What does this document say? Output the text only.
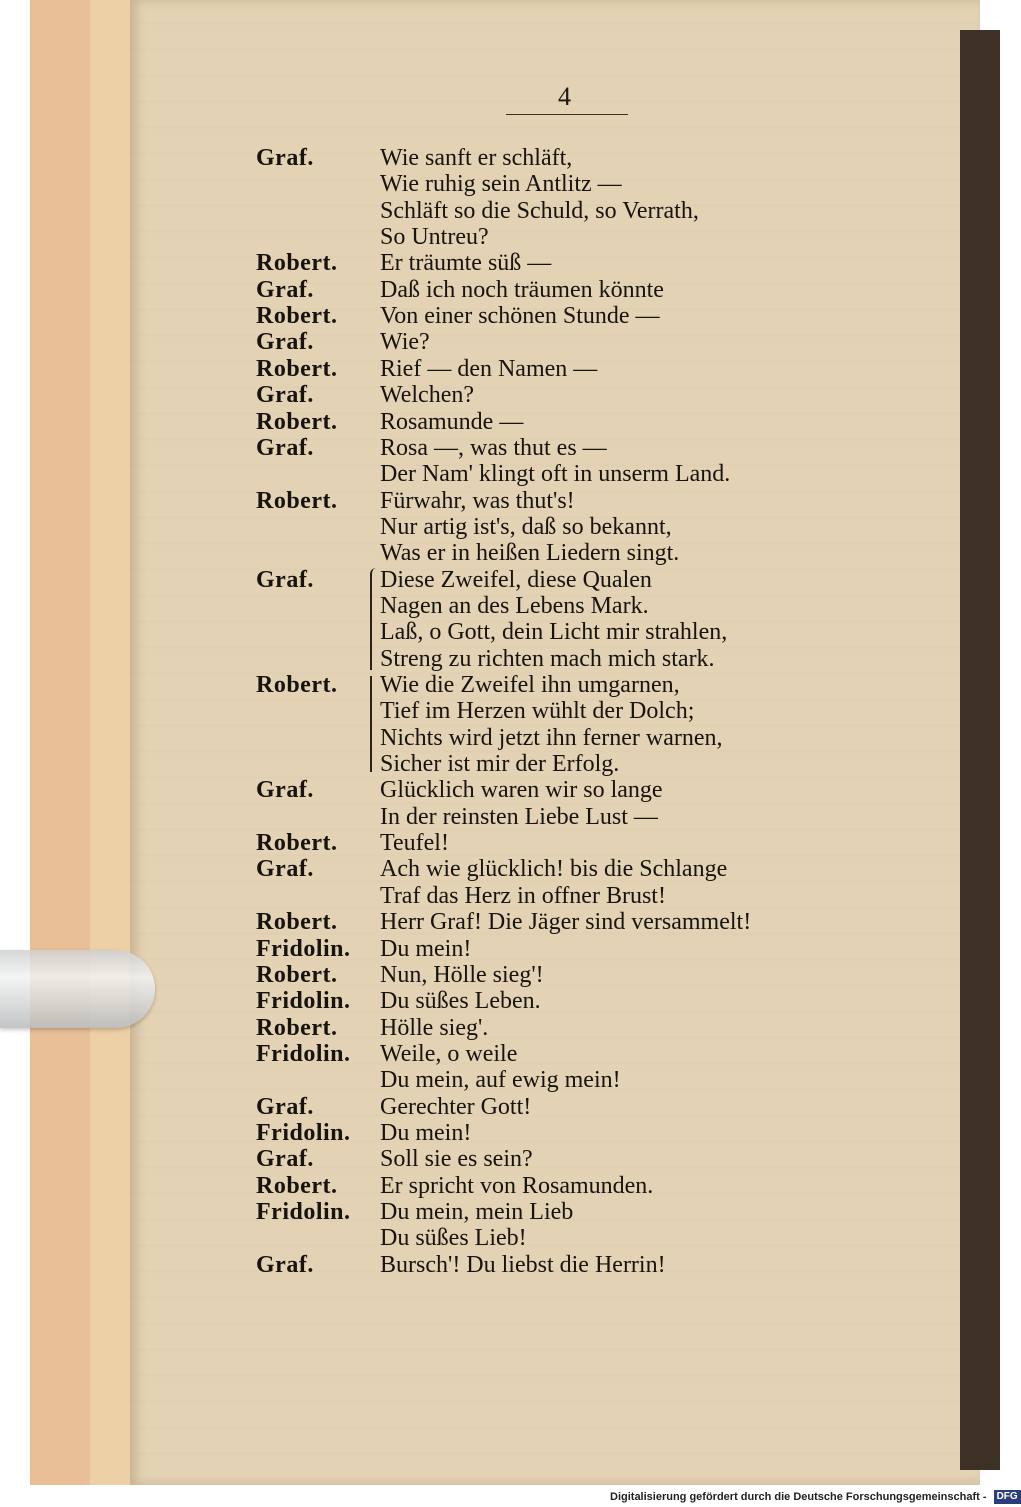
4
Graf.	Wie sanft er schläft,
Wie ruhig sein Antlitz —
Schläft so die Schuld, so Verrath,
So Untreu?
Robert. Er träumte süß —
Graf.	Daß ich noch träumen könnte
Robert. Von einer schönen Stunde —
Graf.	Wie?
Robert. Rief — den Namen —
Graf.	Welchen?
Robert. Rosamunde —
Graf.	Rosa —, was thut es —
Der Nam' klingt oft in unserm Land.
Robert. Fürwahr, was thut's!
Nur artig ist's, daß so bekannt,
Was er in heißen Liedern singt.
Graf.	Diese Zweifel, diese Qualen
Nagen an des Lebens Mark.
Laß, o Gott, dein Licht mir strahlen,
Streng zu richten mach mich stark.
Robert. Wie die Zweifel ihn umgarnen,
Tief im Herzen wühlt der Dolch;
Nichts wird jetzt ihn ferner warnen,
Sicher ist mir der Erfolg.
Graf.	Glücklich waren wir so lange
In der reinsten Liebe Lust —
Robert. Teufel!
Graf.	Ach wie glücklich! bis die Schlange
Traf das Herz in offner Brust!
Robert. Herr Graf! Die Jäger sind versammelt!
Fridolin. Du mein!
Robert. Nun, Hölle sieg'!
Fridolin. Du süßes Leben.
Robert. Hölle sieg'.
Fridolin. Weile, o weile
Du mein, auf ewig mein!
Graf.	Gerechter Gott!
Fridolin. Du mein!
Graf.	Soll sie es sein?
Robert. Er spricht von Rosamunden.
Fridolin. Du mein, mein Lieb
Du süßes Lieb!
Graf.	Bursch'! Du liebst die Herrin!
Digitalisierung gefördert durch die Deutsche Forschungsgemeinschaft - DFG
